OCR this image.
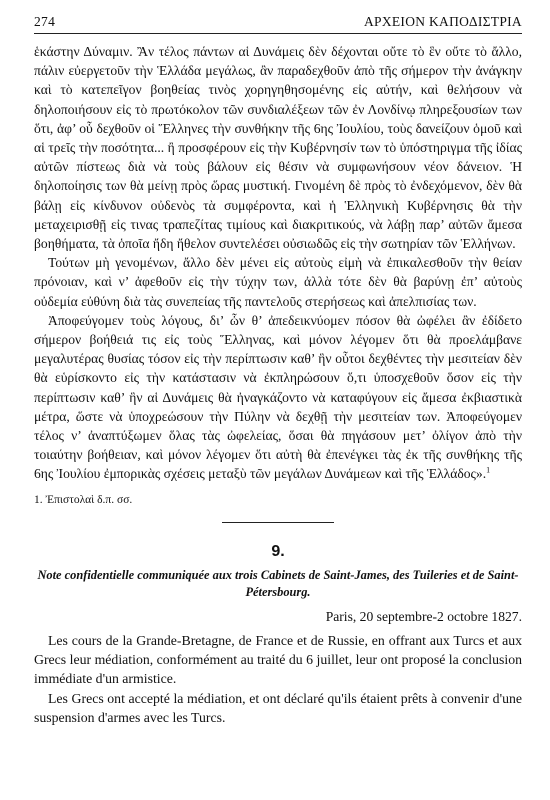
274	ΑΡΧΕΙΟΝ ΚΑΠΟΔΙΣΤΡΙΑ

ἑκάστην Δύναμιν. Ἂν τέλος πάντων αἱ Δυνάμεις δὲν δέχονται οὔτε τὸ ἓν οὔτε τὸ ἄλλο, πάλιν εὐεργετοῦν τὴν Ἑλλάδα μεγάλως, ἂν παραδεχθοῦν ἀπὸ τῆς σήμερον τὴν ἀνάγκην καὶ τὸ κατεπεῖγον βοηθείας τινὸς χορηγηθησομένης εἰς αὐτήν, καὶ θελήσουν νὰ δηλοποιήσουν εἰς τὸ πρωτόκολον τῶν συνδιαλέξεων τῶν ἐν Λονδίνῳ πληρεξουσίων των ὅτι, ἀφ’ οὗ δεχθοῦν οἱ Ἕλληνες τὴν συνθήκην τῆς 6ης Ἰουλίου, τοὺς δανείζουν ὁμοῦ καὶ αἱ τρεῖς τὴν ποσότητα... ἢ προσφέρουν εἰς τὴν Κυβέρνησίν των τὸ ὑπόστηριγμα τῆς ἰδίας αὐτῶν πίστεως διὰ νὰ τοὺς βάλουν εἰς θέσιν νὰ συμφωνήσουν νέον δάνειον. Ἡ δηλοποίησις των θὰ μείνῃ πρὸς ὥρας μυστική. Γινομένη δὲ πρὸς τὸ ἐνδεχόμενον, δὲν θὰ βάλῃ εἰς κίνδυνον οὐδενὸς τὰ συμφέροντα, καὶ ἡ Ἑλληνικὴ Κυβέρνησις θὰ τὴν μεταχειρισθῇ εἰς τινας τραπεζίτας τιμίους καὶ διακριτικούς, νὰ λάβῃ παρ’ αὐτῶν ἄμεσα βοηθήματα, τὰ ὁποῖα ἤδη ἤθελον συντελέσει οὐσιωδῶς εἰς τὴν σωτηρίαν τῶν Ἑλλήνων.

Τούτων μὴ γενομένων, ἄλλο δὲν μένει εἰς αὐτοὺς εἰμὴ νὰ ἐπικαλεσθοῦν τὴν θείαν πρόνοιαν, καὶ ν’ ἀφεθοῦν εἰς τὴν τύχην των, ἀλλὰ τότε δὲν θὰ βαρύνῃ ἐπ’ αὐτοὺς οὐδεμία εὐθύνη διὰ τὰς συνεπείας τῆς παντελοῦς στερήσεως καὶ ἀπελπισίας των.

Ἀποφεύγομεν τοὺς λόγους, δι’ ὧν θ’ ἀπεδεικνύομεν πόσον θὰ ὠφέλει ἂν ἐδίδετο σήμερον βοήθειά τις εἰς τοὺς Ἕλληνας, καὶ μόνον λέγομεν ὅτι θὰ προελάμβανε μεγαλυτέρας θυσίας τόσον εἰς τὴν περίπτωσιν καθ’ ἣν οὗτοι δεχθέντες τὴν μεσιτείαν δὲν θὰ εὑρίσκοντο εἰς τὴν κατάστασιν νὰ ἐκπληρώσουν ὅ,τι ὑποσχεθοῦν ὅσον εἰς τὴν περίπτωσιν καθ’ ἣν αἱ Δυνάμεις θὰ ἠναγκάζοντο νὰ καταφύγουν εἰς ἄμεσα ἐκβιαστικὰ μέτρα, ὥστε νὰ ὑποχρεώσουν τὴν Πύλην νὰ δεχθῇ τὴν μεσιτείαν των. Ἀποφεύγομεν τέλος ν’ ἀναπτύξωμεν ὅλας τὰς ὠφελείας, ὅσαι θὰ πηγάσουν μετ’ ὀλίγον ἀπὸ τὴν τοιαύτην βοήθειαν, καὶ μόνον λέγομεν ὅτι αὐτὴ θὰ ἐπενέγκει τὰς ἐκ τῆς συνθήκης τῆς 6ης Ἰουλίου ἐμπορικὰς σχέσεις μεταξὺ τῶν μεγάλων Δυνάμεων καὶ τῆς Ἑλλάδος».$^1$

1. Ἐπιστολαὶ δ.π. σσ.
9.
Note confidentielle communiquée aux trois Cabinets de Saint-James, des Tuileries et de Saint-Pétersbourg.
Paris, 20 septembre-2 octobre 1827.

Les cours de la Grande-Bretagne, de France et de Russie, en offrant aux Turcs et aux Grecs leur médiation, conformément au traité du 6 juillet, leur ont proposé la conclusion immédiate d'un armistice.

Les Grecs ont accepté la médiation, et ont déclaré qu'ils étaient prêts à convenir d'une suspension d'armes avec les Turcs.
